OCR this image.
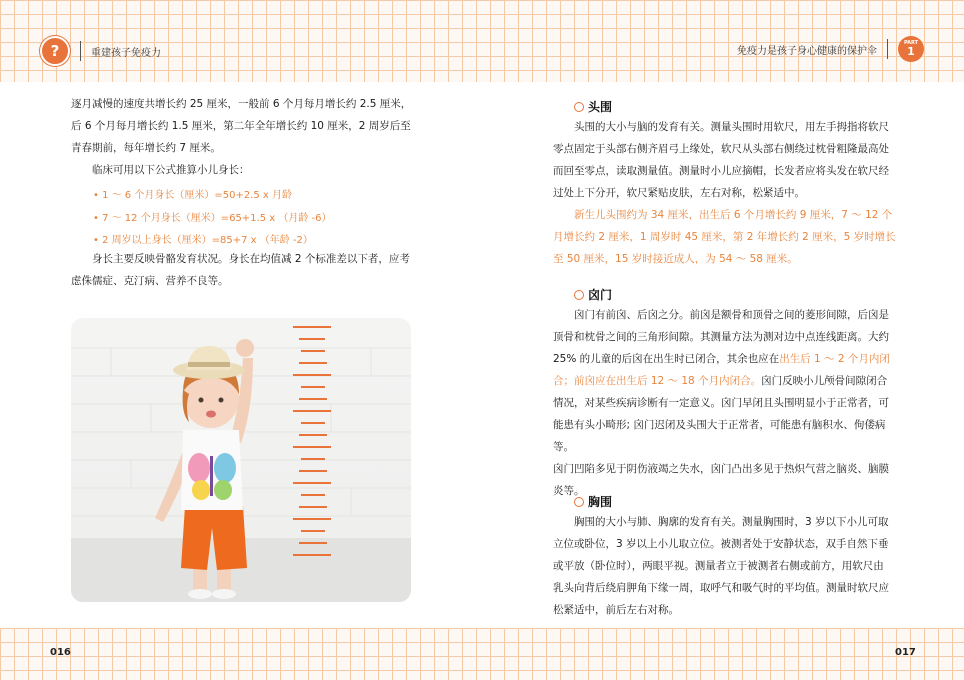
?	重建孩子免疫力	免疫力是孩子身心健康的保护伞
PART
1
逐月减慢的速度共增长约 25 厘米，一般前 6 个月每月增长约 2.5 厘米，
后 6 个月每月增长约 1.5 厘米，第二年全年增长约 10 厘米，2 周岁后至
青春期前，每年增长约 7 厘米。
临床可用以下公式推算小儿身长：
• 1 ～ 6 个月身长（厘米）=50+2.5 x 月龄
• 7 ～ 12 个月身长（厘米）=65+1.5 x （月龄 -6）
• 2 周岁以上身长（厘米）=85+7 x （年龄 -2）
身长主要反映骨骼发育状况。身长在均值减 2 个标准差以下者，应考
虑侏儒症、克汀病、营养不良等。
头围
头围的大小与脑的发育有关。测量头围时用软尺，用左手拇指将软尺
零点固定于头部右侧齐眉弓上缘处，软尺从头部右侧绕过枕骨粗隆最高处
而回至零点，读取测量值。测量时小儿应摘帽，长发者应将头发在软尺经
过处上下分开，软尺紧贴皮肤，左右对称，松紧适中。
新生儿头围约为 34 厘米，出生后 6 个月增长约 9 厘米，7 ～ 12 个
月增长约 2 厘米，1 周岁时 45 厘米，第 2 年增长约 2 厘米，5 岁时增长
至 50 厘米，15 岁时接近成人，为 54 ～ 58 厘米。
囟门
囟门有前囟、后囟之分。前囟是额骨和顶骨之间的菱形间隙，后囟是
顶骨和枕骨之间的三角形间隙。其测量方法为测对边中点连线距离。大约
25% 的儿童的后囟在出生时已闭合，其余也应在出生后 1 ～ 2 个月内闭
合；前囟应在出生后 12 ～ 18 个月内闭合。囟门反映小儿颅骨间隙闭合
情况，对某些疾病诊断有一定意义。囟门早闭且头围明显小于正常者，可
能患有头小畸形; 囟门迟闭及头围大于正常者，可能患有脑积水、佝偻病等。
囟门凹陷多见于阴伤液竭之失水，囟门凸出多见于热炽气营之脑炎、脑膜
炎等。
胸围
胸围的大小与肺、胸廓的发育有关。测量胸围时，3 岁以下小儿可取
立位或卧位，3 岁以上小儿取立位。被测者处于安静状态，双手自然下垂
或平放（卧位时），两眼平视。测量者立于被测者右侧或前方，用软尺由
乳头向背后绕肩胛角下缘一周，取呼气和吸气时的平均值。测量时软尺应
松紧适中，前后左右对称。
016	017
